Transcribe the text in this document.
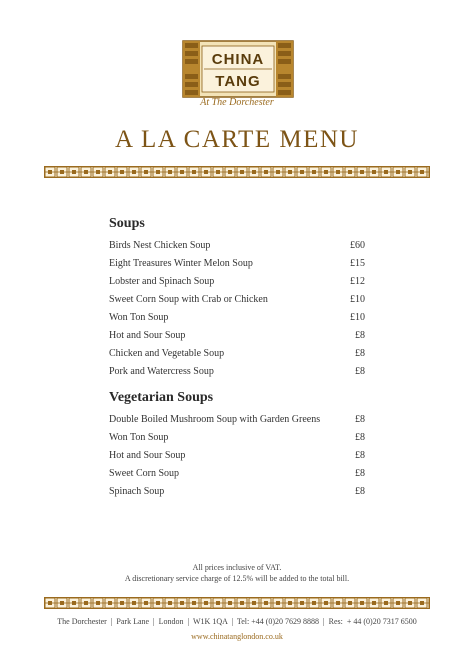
CHINA
TANG
At The Dorchester
A LA CARTE MENU
Soups
Birds Nest Chicken Soup	£60
Eight Treasures Winter Melon Soup	£15
Lobster and Spinach Soup	£12
Sweet Corn Soup with Crab or Chicken	£10
Won Ton Soup	£10
Hot and Sour Soup	£8
Chicken and Vegetable Soup	£8
Pork and Watercress Soup	£8
Vegetarian Soups
Double Boiled Mushroom Soup with Garden Greens	£8
Won Ton Soup	£8
Hot and Sour Soup	£8
Sweet Corn Soup	£8
Spinach Soup	£8
All prices inclusive of VAT.
A discretionary service charge of 12.5% will be added to the total bill.
The Dorchester  |  Park Lane  |  London  |  W1K 1QA  |  Tel: +44 (0)20 7629 8888  |  Res:  + 44 (0)20 7317 6500
www.chinatanglondon.co.uk
